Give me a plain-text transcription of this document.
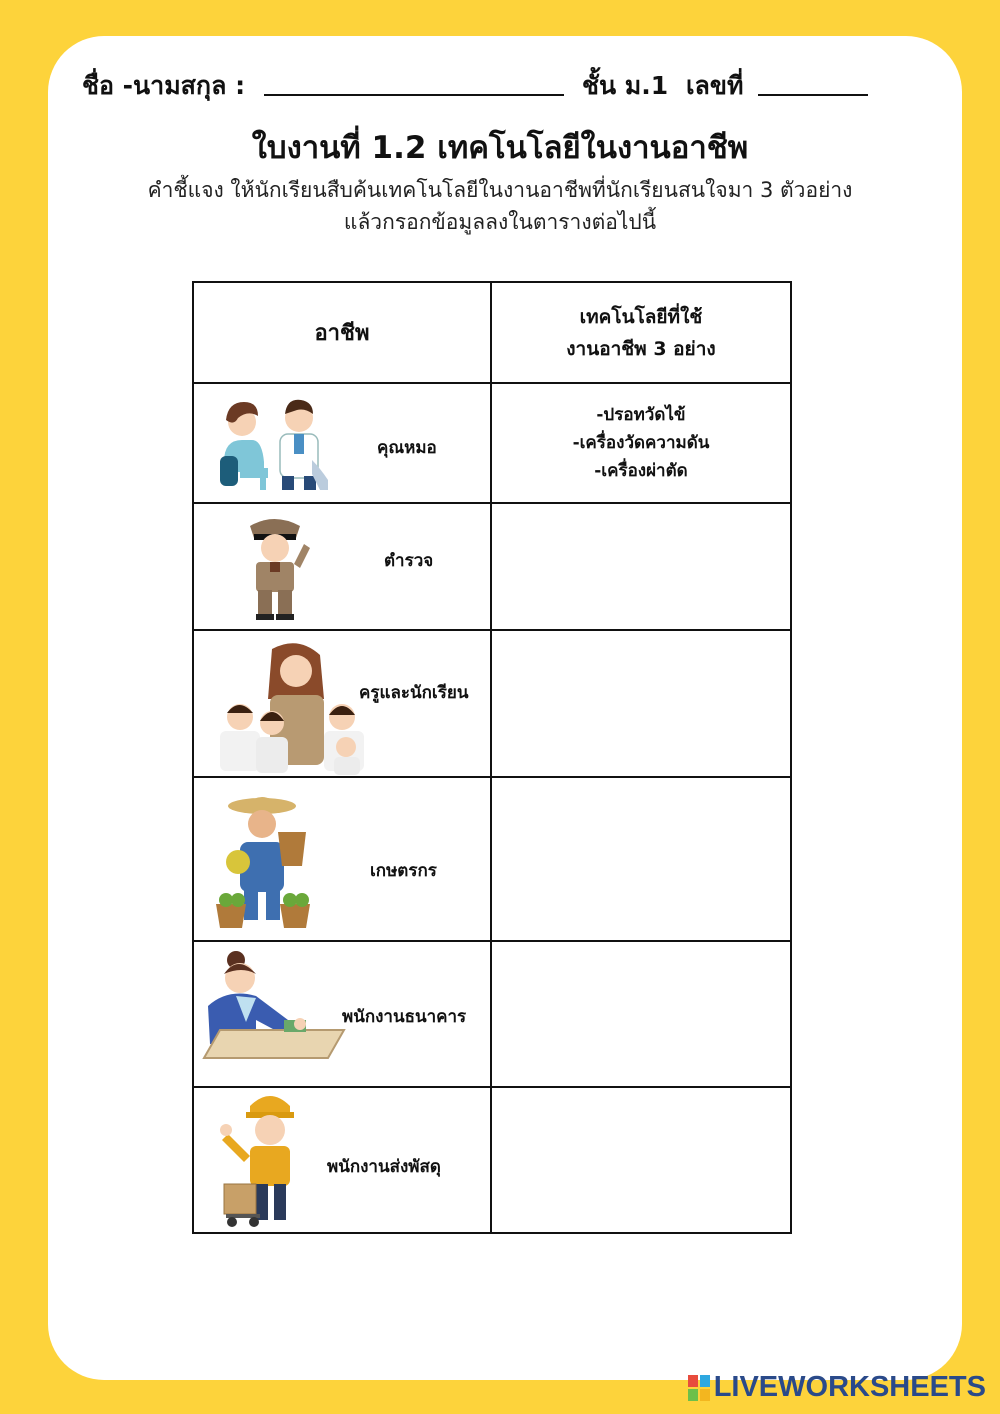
ชื่อ -นามสกุล :	ชั้น ม.1 เลขที่
ใบงานที่ 1.2 เทคโนโลยีในงานอาชีพ
คำชี้แจง ให้นักเรียนสืบค้นเทคโนโลยีในงานอาชีพที่นักเรียนสนใจมา 3 ตัวอย่าง
แล้วกรอกข้อมูลลงในตารางต่อไปนี้
อาชีพ	เทคโนโลยีที่ใช้
งานอาชีพ 3 อย่าง

คุณหมอ	-ปรอทวัดไข้
-เครื่องวัดความดัน
-เครื่องผ่าตัด

ตำรวจ	

ครูและนักเรียน	

เกษตรกร	

พนักงานธนาคาร	

พนักงานส่งพัสดุ	

LIVEWORKSHEETS
